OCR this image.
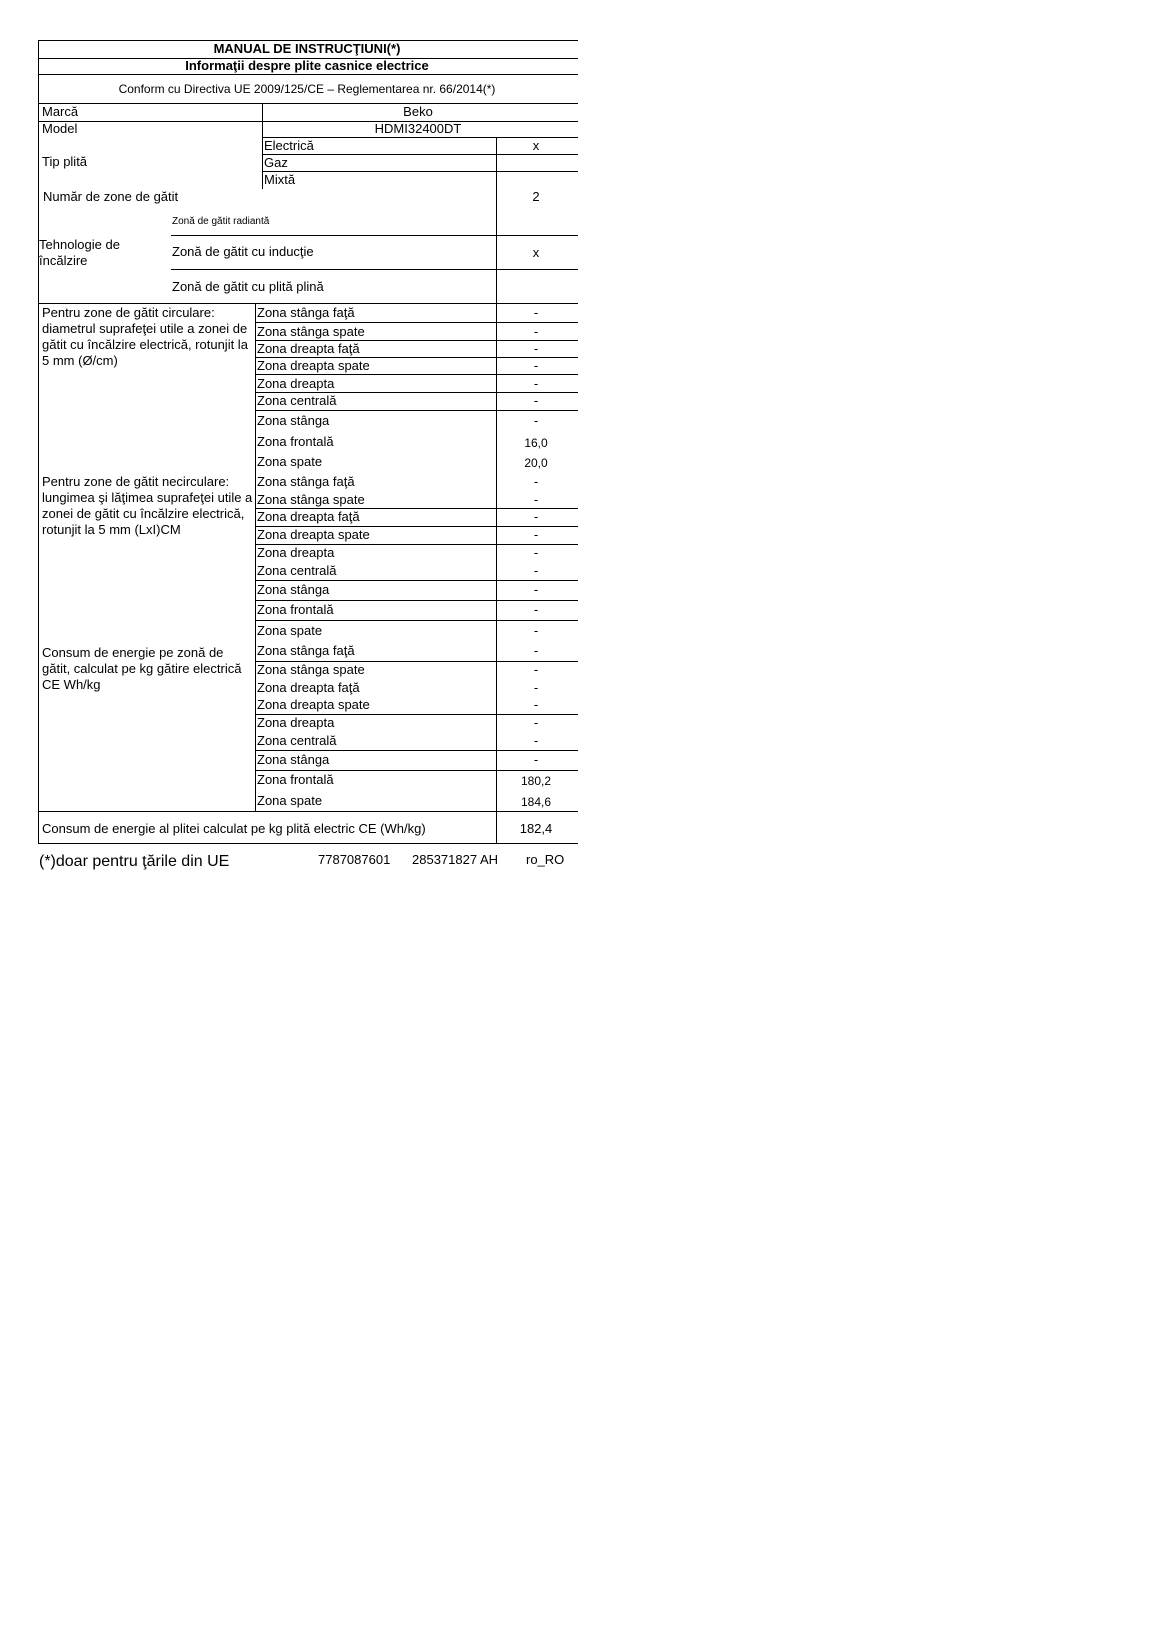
MANUAL DE INSTRUCŢIUNI(*)
Informaţii despre plite casnice electrice
Conform cu Directiva UE 2009/125/CE – Reglementarea nr. 66/2014(*)
Marcă	Beko
Model	HDMI32400DT
Tip plită
Electrică	x
Gaz
Mixtă
Număr de zone de gătit	2
Tehnologie de încălzire
Zonă de gătit radiantă
Zonă de gătit cu inducţie	x
Zonă de gătit cu plită plină
Pentru zone de gătit circulare: diametrul suprafeţei utile a zonei de gătit cu încălzire electrică, rotunjit la 5 mm (Ø/cm)
Zona stânga faţă	-
Zona stânga spate	-
Zona dreapta faţă	-
Zona dreapta spate	-
Zona dreapta	-
Zona centrală	-
Zona stânga	-
Zona frontală	16,0
Zona spate	20,0
Pentru zone de gătit necirculare: lungimea şi lăţimea suprafeţei utile a zonei de gătit cu încălzire electrică, rotunjit la 5 mm (LxI)CM
Zona stânga faţă	-
Zona stânga spate	-
Zona dreapta faţă	-
Zona dreapta spate	-
Zona dreapta	-
Zona centrală	-
Zona stânga	-
Zona frontală	-
Zona spate	-
Consum de energie pe zonă de gătit, calculat pe kg gătire electrică CE Wh/kg
Zona stânga faţă	-
Zona stânga spate	-
Zona dreapta faţă	-
Zona dreapta spate	-
Zona dreapta	-
Zona centrală	-
Zona stânga	-
Zona frontală	180,2
Zona spate	184,6
Consum de energie al plitei calculat pe kg plită electric CE (Wh/kg)	182,4
(*)doar pentru ţările din UE	7787087601 285371827 AH ro_RO
